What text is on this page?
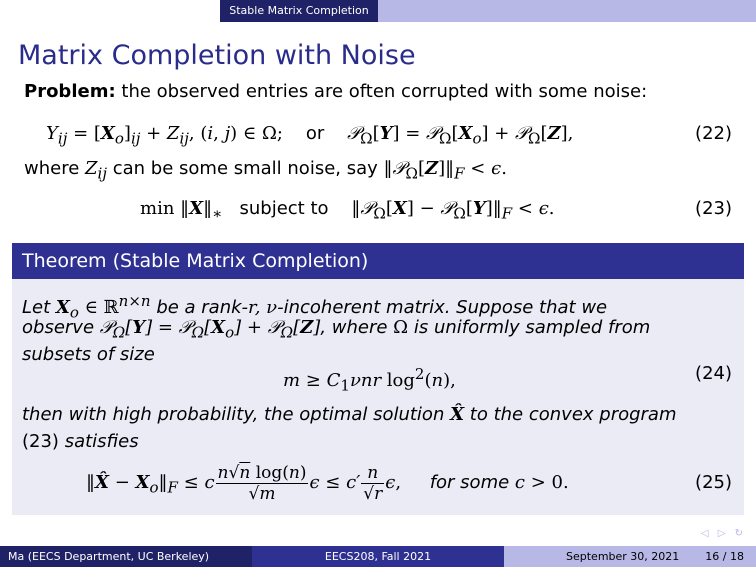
Stable Matrix Completion
Matrix Completion with Noise
Problem: the observed entries are often corrupted with some noise:
$Y_{ij} = [X_o]_{ij} + Z_{ij}$, (i, j) ∈ Ω; or 𝒫$_\Omega$[Y] = $𝒫_\Omega[X_o]$ + 𝒫$_\Omega$[Z],	(22)
where $Z_{ij}$ can be some small noise, say $‖𝒫_\Omega[Z]‖_F < \epsilon$.
$\min ‖X‖_∗$ subject to ‖𝒫$_\Omega$[X] − $𝒫_\Omega[Y]‖_F < \epsilon$.	(23)
Theorem (Stable Matrix Completion)
Let $X_o$ ∈ ℝ$^{n\times n}$ be a rank-r, ν-incoherent matrix. Suppose that we
observe 𝒫$_\Omega$[Y] = $𝒫_\Omega[X_o]$ + 𝒫$_\Omega$[Z], where Ω is uniformly sampled from
subsets of size
$m \ge C_1\nu nr$ $\log^2(n)$,	(24)
then with high probability, the optimal solution X̂ to the convex program
(23) satisfies
‖X̂ − $X_o‖_F \le c \frac{\text{n√n log(n)}}{√m}$ $\epsilon \le c' \frac{n}{√r} \epsilon$, for some c > 0.	(25)
◁ ▷ ↻
Ma (EECS Department, UC Berkeley)	EECS208, Fall 2021	September 30, 2021 16 / 18
